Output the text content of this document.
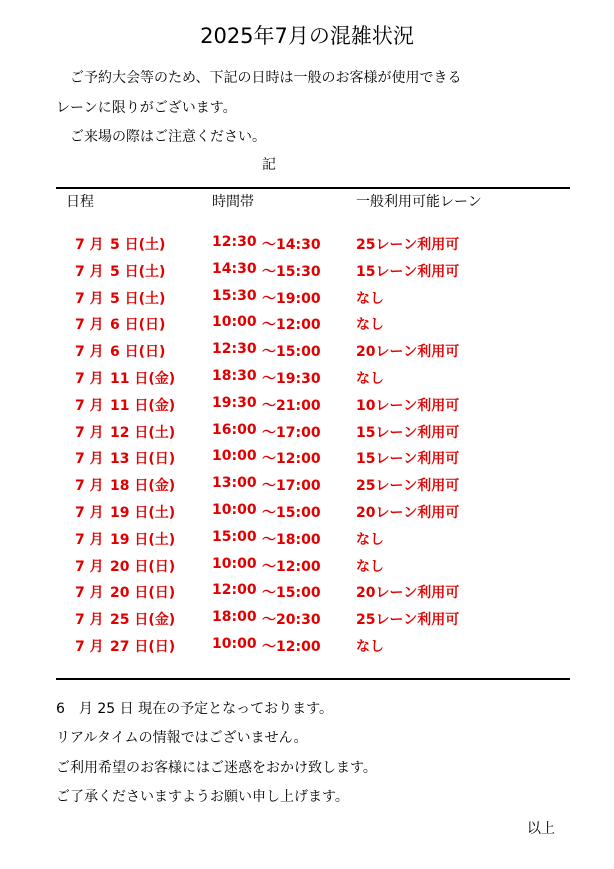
2025年7月の混雑状況
　ご予約大会等のため、下記の日時は一般のお客様が使用できる
レーンに限りがございます。
　ご来場の際はご注意ください。
記
日程	時間帯	一般利用可能レーン
7 月 5 日(土)	12:30 ～14:30	25レーン利用可
7 月 5 日(土)	14:30 ～15:30	15レーン利用可
7 月 5 日(土)	15:30 ～19:00	なし
7 月 6 日(日)	10:00 ～12:00	なし
7 月 6 日(日)	12:30 ～15:00	20レーン利用可
7 月 11 日(金)	18:30 ～19:30	なし
7 月 11 日(金)	19:30 ～21:00	10レーン利用可
7 月 12 日(土)	16:00 ～17:00	15レーン利用可
7 月 13 日(日)	10:00 ～12:00	15レーン利用可
7 月 18 日(金)	13:00 ～17:00	25レーン利用可
7 月 19 日(土)	10:00 ～15:00	20レーン利用可
7 月 19 日(土)	15:00 ～18:00	なし
7 月 20 日(日)	10:00 ～12:00	なし
7 月 20 日(日)	12:00 ～15:00	20レーン利用可
7 月 25 日(金)	18:00 ～20:30	25レーン利用可
7 月 27 日(日)	10:00 ～12:00	なし
6　月 25 日 現在の予定となっております。
リアルタイムの情報ではございません。
ご利用希望のお客様にはご迷惑をおかけ致します。
ご了承くださいますようお願い申し上げます。
以上
